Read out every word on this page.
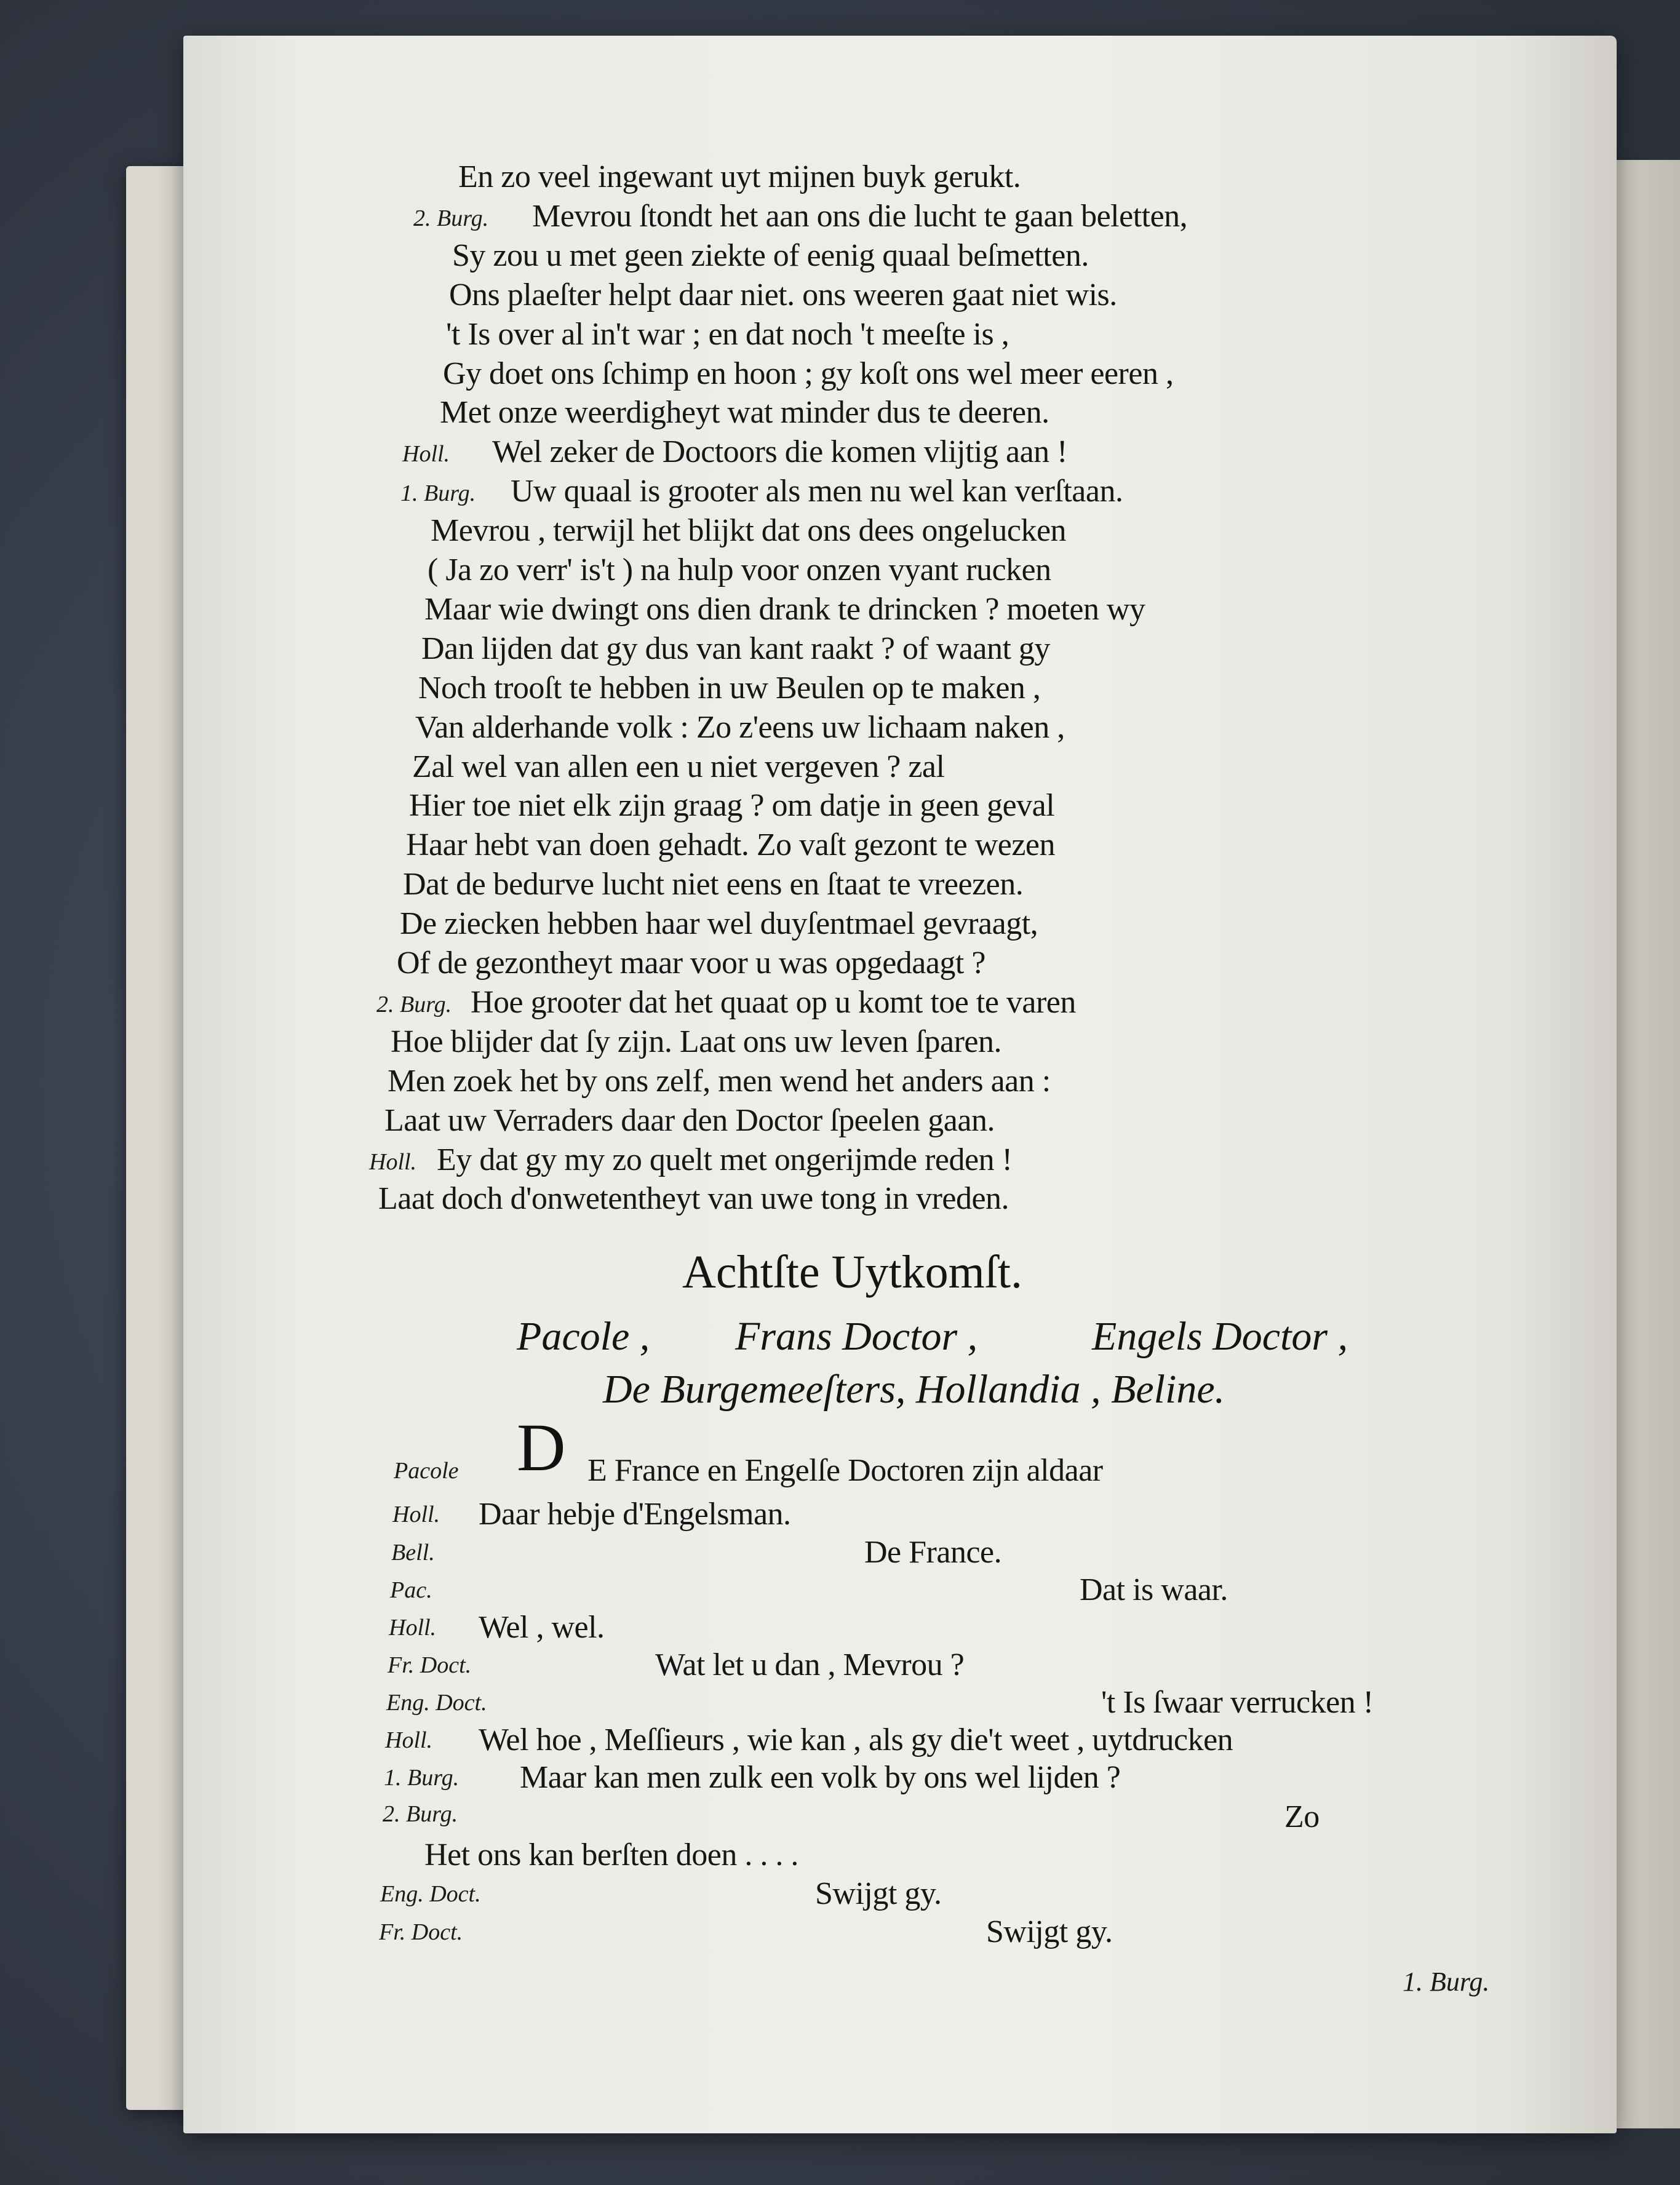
En zo veel ingewant uyt mijnen buyk gerukt.
2. Burg. Mevrou ſtondt het aan ons die lucht te gaan beletten,
Sy zou u met geen ziekte of eenig quaal beſmetten.
Ons plaeſter helpt daar niet. ons weeren gaat niet wis.
't Is over al in't war ; en dat noch 't meeſte is ,
Gy doet ons ſchimp en hoon ; gy koſt ons wel meer eeren ,
Met onze weerdigheyt wat minder dus te deeren.
Holl. Wel zeker de Doctoors die komen vlijtig aan !
1. Burg. Uw quaal is grooter als men nu wel kan verſtaan.
Mevrou , terwijl het blijkt dat ons dees ongelucken
( Ja zo verr' is't ) na hulp voor onzen vyant rucken
Maar wie dwingt ons dien drank te drincken ? moeten wy
Dan lijden dat gy dus van kant raakt ? of waant gy
Noch trooſt te hebben in uw Beulen op te maken ,
Van alderhande volk : Zo z'eens uw lichaam naken ,
Zal wel van allen een u niet vergeven ? zal
Hier toe niet elk zijn graag ? om datje in geen geval
Haar hebt van doen gehadt. Zo vaſt gezont te wezen
Dat de bedurve lucht niet eens en ſtaat te vreezen.
De ziecken hebben haar wel duyſentmael gevraagt,
Of de gezontheyt maar voor u was opgedaagt ?
2. Burg. Hoe grooter dat het quaat op u komt toe te varen
Hoe blijder dat ſy zijn. Laat ons uw leven ſparen.
Men zoek het by ons zelf, men wend het anders aan :
Laat uw Verraders daar den Doctor ſpeelen gaan.
Holl. Ey dat gy my zo quelt met ongerijmde reden !
Laat doch d'onwetentheyt van uwe tong in vreden.
Achtſte Uytkomſt.
Pacole , Frans Doctor ,	Engels Doctor ,
De Burgemeeſters, Hollandia , Beline.
D
Pacole	E France en Engelſe Doctoren zijn aldaar
Holl. Daar hebje d'Engelsman.
Bell.	De France.
Pac.	Dat is waar.
Holl. Wel , wel.
Fr. Doct.	Wat let u dan , Mevrou ?
Eng. Doct.	't Is ſwaar verrucken !
Holl. Wel hoe , Meſſieurs , wie kan , als gy die't weet , uytdrucken
1. Burg. Maar kan men zulk een volk by ons wel lijden ?
2. Burg.	Zo
Het ons kan berſten doen . . . .
Eng. Doct.	Swijgt gy.
Fr. Doct.	Swijgt gy.
1. Burg.
